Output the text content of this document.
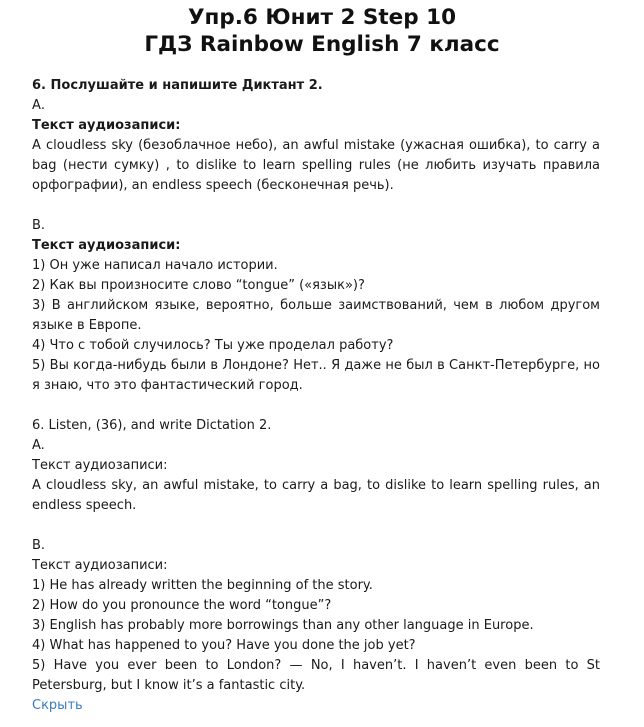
Упр.6 Юнит 2 Step 10
ГДЗ Rainbow English 7 класс
6. Послушайте и напишите Диктант 2.
А.
Текст аудиозаписи:
A cloudless sky (безоблачное небо), an awful mistake (ужасная ошибка), to carry a bag (нести сумку) , to dislike to learn spelling rules (не любить изучать правила орфографии), an endless speech (бесконечная речь).
В.
Текст аудиозаписи:
1) Он уже написал начало истории.
2) Как вы произносите слово “tongue” («язык»)?
3) В английском языке, вероятно, больше заимствований, чем в любом другом языке в Европе.
4) Что с тобой случилось? Ты уже проделал работу?
5) Вы когда-нибудь были в Лондоне? Нет.. Я даже не был в Санкт-Петербурге, но я знаю, что это фантастический город.
6. Listen, (36), and write Dictation 2.
A.
Текст аудиозаписи:
A cloudless sky, an awful mistake, to carry a bag, to dislike to learn spelling rules, an endless speech.
B.
Текст аудиозаписи:
1) He has already written the beginning of the story.
2) How do you pronounce the word “tongue”?
3) English has probably more borrowings than any other language in Europe.
4) What has happened to you? Have you done the job yet?
5) Have you ever been to London? — No, I haven’t. I haven’t even been to St Petersburg, but I know it’s a fantastic city.
Скрыть
